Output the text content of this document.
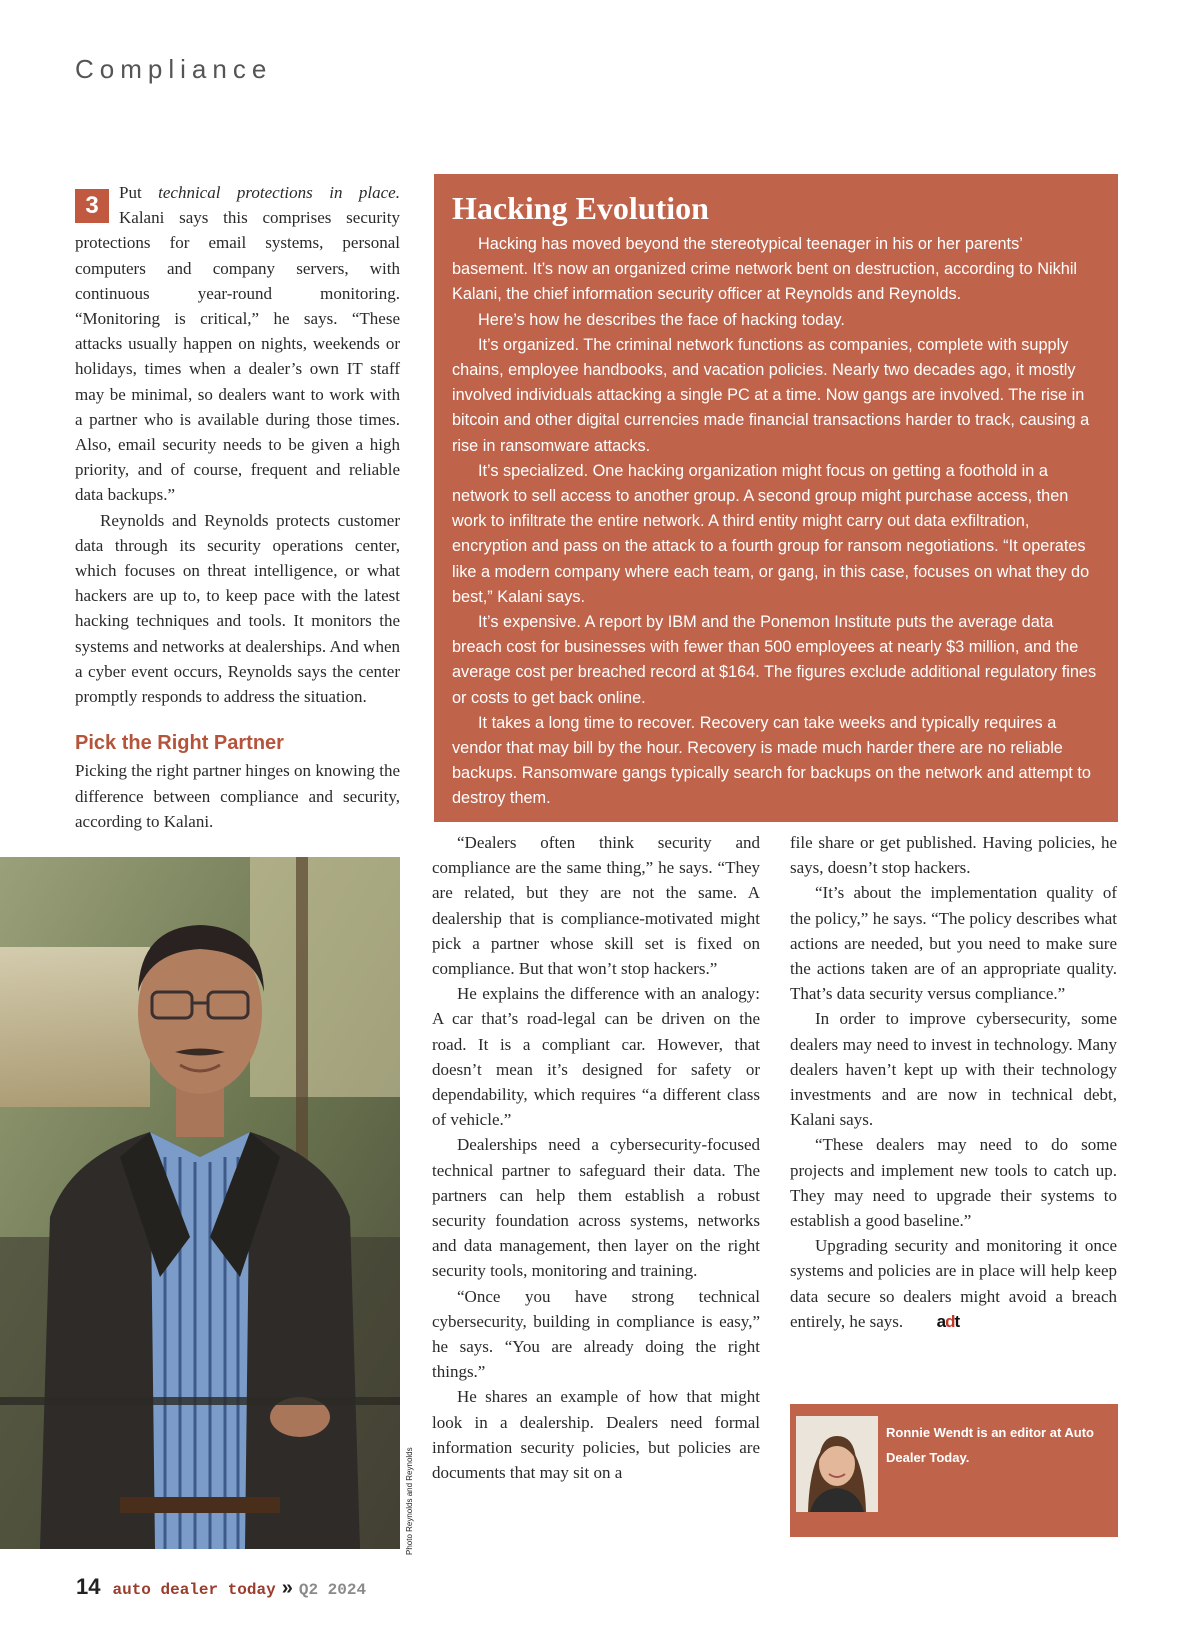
Compliance

3	Put technical protections in place. Kalani says this comprises security protections for email systems, personal computers and company servers, with continuous year-round monitoring. “Monitoring is critical,” he says. “These attacks usually happen on nights, weekends or holidays, times when a dealer’s own IT staff may be minimal, so dealers want to work with a partner who is available during those times. Also, email security needs to be given a high priority, and of course, frequent and reliable data backups.”

Reynolds and Reynolds protects customer data through its security operations center, which focuses on threat intelligence, or what hackers are up to, to keep pace with the latest hacking techniques and tools. It monitors the systems and networks at dealerships. And when a cyber event occurs, Reynolds says the center promptly responds to address the situation.

Pick the Right Partner

Picking the right partner hinges on knowing the difference between compliance and security, according to Kalani.

Hacking Evolution

Hacking has moved beyond the stereotypical teenager in his or her parents’ basement. It’s now an organized crime network bent on destruction, according to Nikhil Kalani, the chief information security officer at Reynolds and Reynolds.

Here’s how he describes the face of hacking today.

It’s organized. The criminal network functions as companies, complete with supply chains, employee handbooks, and vacation policies. Nearly two decades ago, it mostly involved individuals attacking a single PC at a time. Now gangs are involved. The rise in bitcoin and other digital currencies made financial transactions harder to track, causing a rise in ransomware attacks.

It’s specialized. One hacking organization might focus on getting a foothold in a network to sell access to another group. A second group might purchase access, then work to infiltrate the entire network. A third entity might carry out data exfiltration, encryption and pass on the attack to a fourth group for ransom negotiations. “It operates like a modern company where each team, or gang, in this case, focuses on what they do best,” Kalani says.

It’s expensive. A report by IBM and the Ponemon Institute puts the average data breach cost for businesses with fewer than 500 employees at nearly $3 million, and the average cost per breached record at $164. The figures exclude additional regulatory fines or costs to get back online.

It takes a long time to recover. Recovery can take weeks and typically requires a vendor that may bill by the hour. Recovery is made much harder there are no reliable backups. Ransomware gangs typically search for backups on the network and attempt to destroy them.

Photo Reynolds and Reynolds

“Dealers often think security and compliance are the same thing,” he says. “They are related, but they are not the same. A dealership that is compliance-motivated might pick a partner whose skill set is fixed on compliance. But that won’t stop hackers.”

He explains the difference with an analogy: A car that’s road-legal can be driven on the road. It is a compliant car. However, that doesn’t mean it’s designed for safety or dependability, which requires “a different class of vehicle.”

Dealerships need a cybersecurity-focused technical partner to safeguard their data. The partners can help them establish a robust security foundation across systems, networks and data management, then layer on the right security tools, monitoring and training.

“Once you have strong technical cybersecurity, building in compliance is easy,” he says. “You are already doing the right things.”

He shares an example of how that might look in a dealership. Dealers need formal information security policies, but policies are documents that may sit on a

file share or get published. Having policies, he says, doesn’t stop hackers.

“It’s about the implementation quality of the policy,” he says. “The policy describes what actions are needed, but you need to make sure the actions taken are of an appropriate quality. That’s data security versus compliance.”

In order to improve cybersecurity, some dealers may need to invest in technology. Many dealers haven’t kept up with their technology investments and are now in technical debt, Kalani says.

“These dealers may need to do some projects and implement new tools to catch up. They may need to upgrade their systems to establish a good baseline.”

Upgrading security and monitoring it once systems and policies are in place will help keep data secure so dealers might avoid a breach entirely, he says. adt

Ronnie Wendt is an editor at Auto Dealer Today.
14 auto dealer today » Q2 2024
